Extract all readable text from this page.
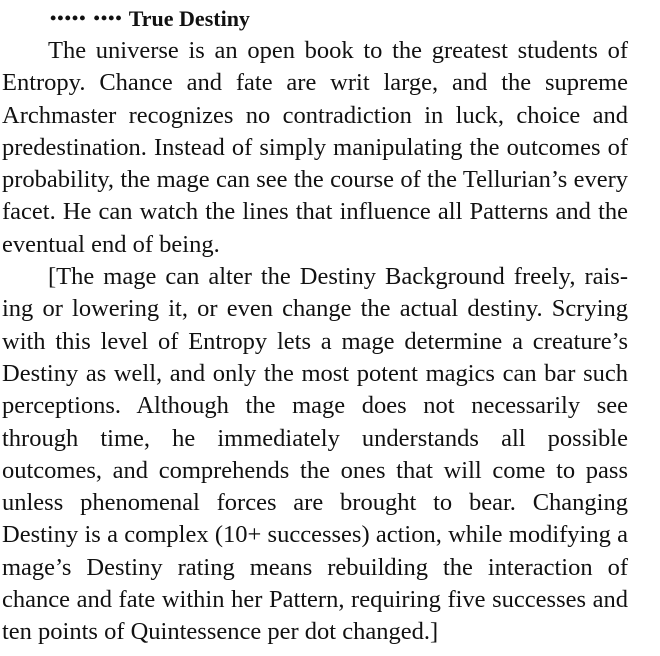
••••• •••• True Destiny

The universe is an open book to the greatest students of Entropy. Chance and fate are writ large, and the supreme Archmaster recognizes no contradiction in luck, choice and predestination. Instead of simply manipulating the outcomes of probability, the mage can see the course of the Tellurian’s every facet. He can watch the lines that influence all Patterns and the eventual end of being.

[The mage can alter the Destiny Background freely, rais-ing or lowering it, or even change the actual destiny. Scrying with this level of Entropy lets a mage determine a creature’s Destiny as well, and only the most potent magics can bar such perceptions. Although the mage does not necessarily see through time, he immediately understands all possible outcomes, and comprehends the ones that will come to pass unless phenomenal forces are brought to bear. Changing Destiny is a complex (10+ successes) action, while modifying a mage’s Destiny rating means rebuilding the interaction of chance and fate within her Pattern, requiring five successes and ten points of Quintessence per dot changed.]
